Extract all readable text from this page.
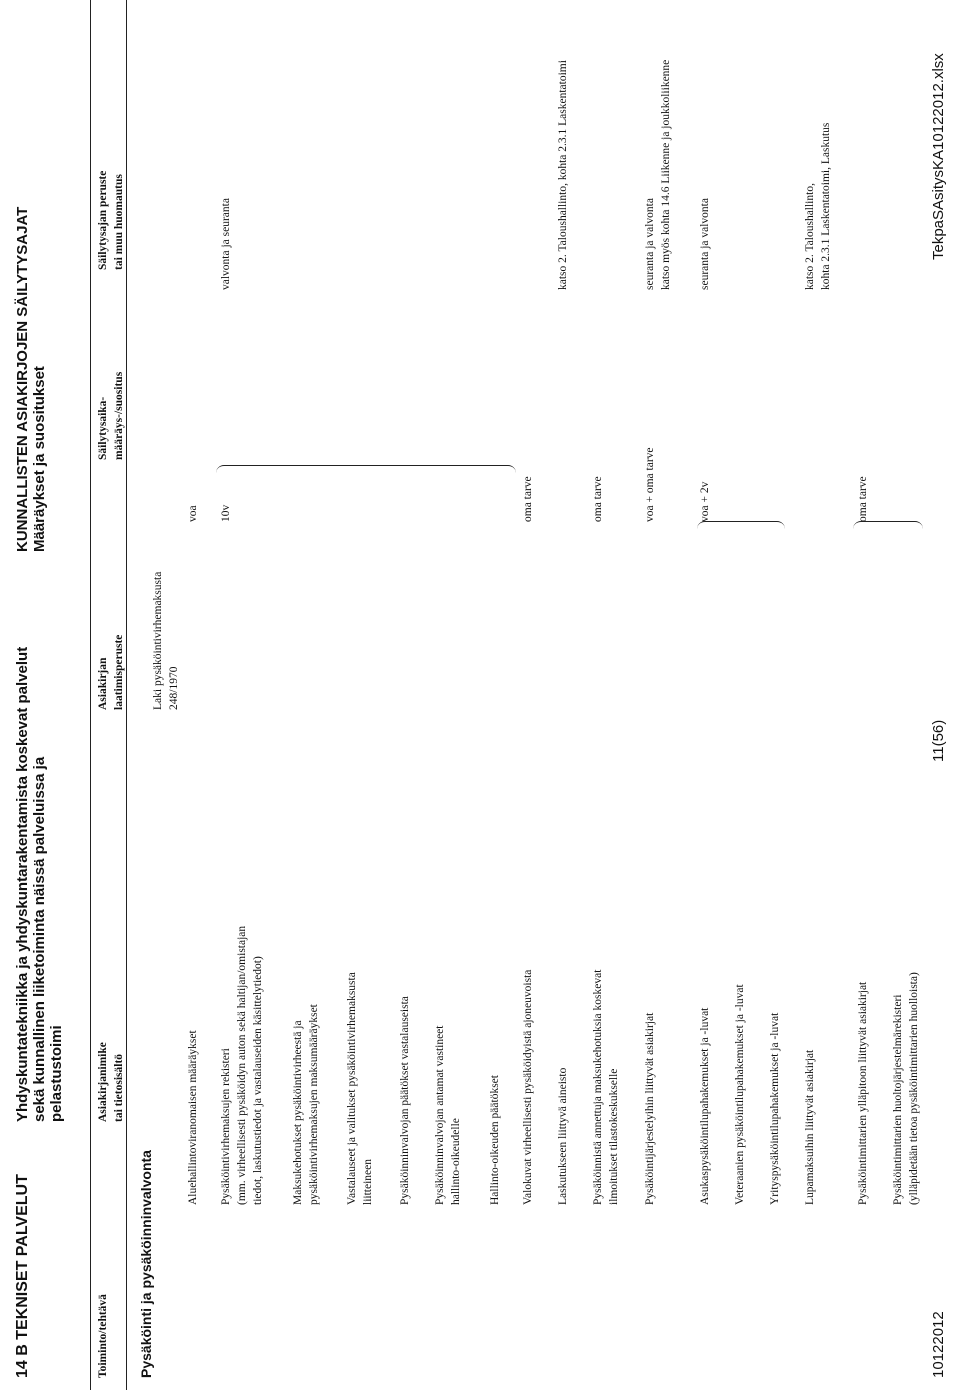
14 B TEKNISET PALVELUT
Yhdyskuntatekniikka ja yhdyskuntarakentamista koskevat palvelut sekä kunnallinen liiketoiminta näissä palveluissa ja pelastustoimi
KUNNALLISTEN ASIAKIRJOJEN SÄILYTYSAJAT Määräykset ja suositukset
Toiminto/tehtävä
Asiakirjanimike tai tietosisältö
Asiakirjan laatimisperuste
Säilytysaika- määräys-/suositus
Säilytysajan peruste tai muu huomautus
Pysäköinti ja pysäköinninvalvonta
Laki pysäköintivirhemaksusta 248/1970
Aluehallintoviranomaisen määräykset
voa
Pysäköintivirhemaksujen rekisteri (mm. virheellisesti pysäköidyn auton sekä haltijan/omistajan tiedot, laskutustiedot ja vastalauseiden käsittelytiedot)
10v
valvonta ja seuranta
Maksukehotukset pysäköintivirheestä ja pysäköintivirhemaksujen maksumääräykset Vastalauseet ja valitukset pysäköintivirhemaksusta liitteineen Pysäköinninvalvojan päätökset vastalauseista Pysäköinninvalvojan antamat vastineet hallinto-oikeudelle Hallinto-oikeuden päätökset Valokuvat virheellisesti pysäköidyistä ajoneuvoista
oma tarve
Laskutukseen liittyvä aineisto
katso 2. Taloushallinto, kohta 2.3.1 Laskentatoimi
Pysäköinnistä annettuja maksukehotuksia koskevat ilmoitukset tilastokeskukselle
oma tarve
Pysäköintijärjestelyihin liittyvät asiakirjat
voa + oma tarve
seuranta ja valvonta katso myös kohta 14.6 Liikenne ja joukkoliikenne
Asukaspysäköintilupahakemukset ja -luvat
voa + 2v
seuranta ja valvonta
Veteraanien pysäköintilupahakemukset ja -luvat Yrityspysäköintilupahakemukset ja -luvat Lupamaksuihin liittyvät asiakirjat
katso 2. Taloushallinto, kohta 2.3.1 Laskentatoimi, Laskutus
Pysäköintimittarien ylläpitoon liittyvät asiakirjat
oma tarve
Pysäköintimittarien huoltojärjestelmärekisteri (ylläpidetään tietoa pysäköintimittarien huolloista)
10122012
11(56)
TekpaSAsitysKA10122012.xlsx
